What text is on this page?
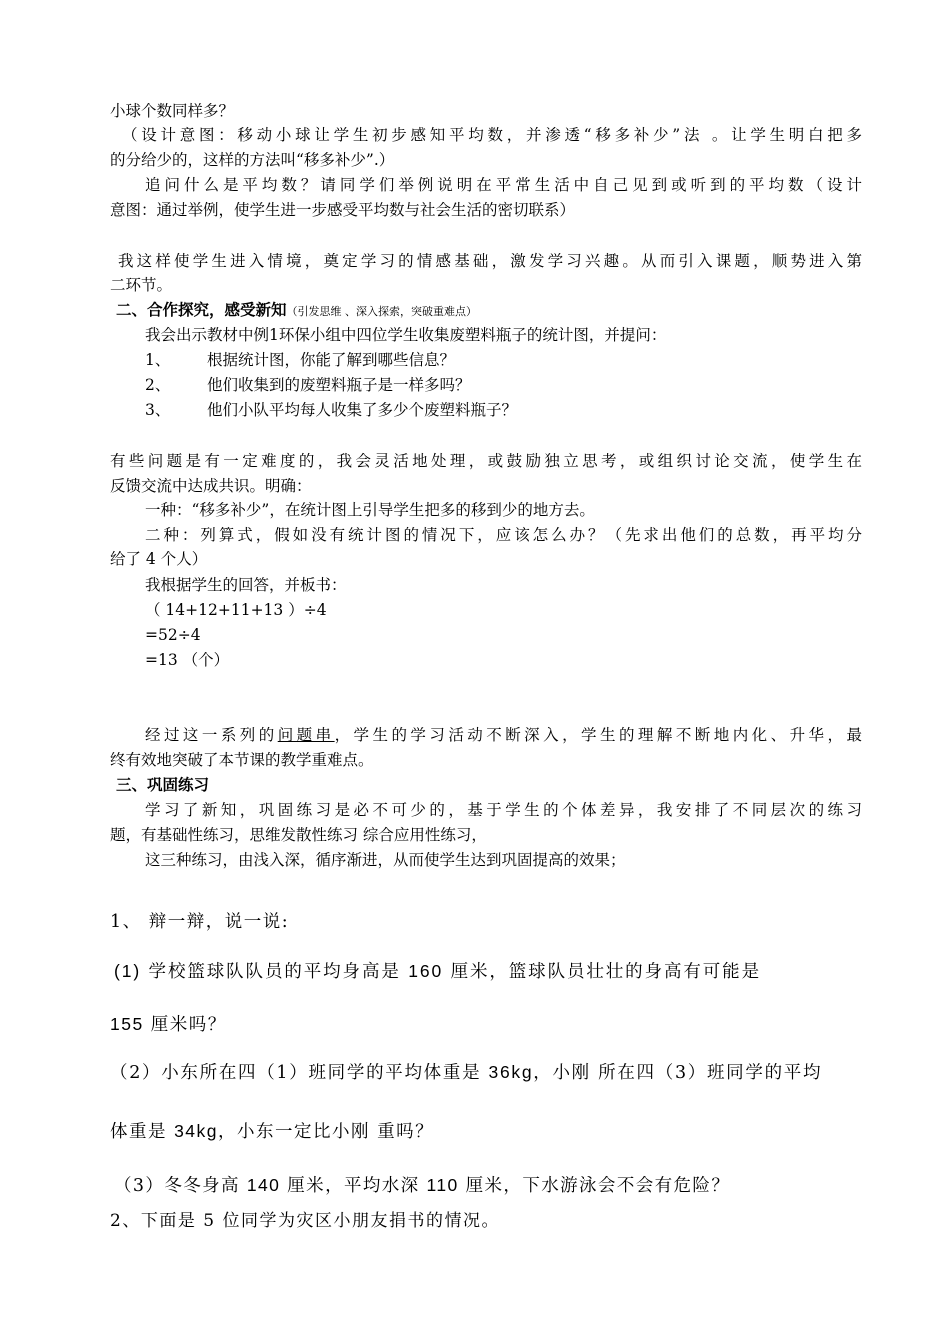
小球个数同样多？
（设计意图：移动小球让学生初步感知平均数，并渗透“移多补少”法 。让学生明白把多
的分给少的，这样的方法叫“移多补少”.）
追问什么是平均数？请同学们举例说明在平常生活中自己见到或听到的平均数（设计
意图：通过举例，使学生进一步感受平均数与社会生活的密切联系）
我这样使学生进入情境，奠定学习的情感基础，激发学习兴趣。从而引入课题，顺势进入第
二环节。
二、合作探究，感受新知（引发思维 、深入探索，突破重难点）
我会出示教材中例1环保小组中四位学生收集废塑料瓶子的统计图，并提问：
1、 根据统计图，你能了解到哪些信息？
2、 他们收集到的废塑料瓶子是一样多吗？
3、 他们小队平均每人收集了多少个废塑料瓶子？
有些问题是有一定难度的，我会灵活地处理，或鼓励独立思考，或组织讨论交流，使学生在
反馈交流中达成共识。明确：
一种：“移多补少”，在统计图上引导学生把多的移到少的地方去。
二种：列算式，假如没有统计图的情况下，应该怎么办？（先求出他们的总数，再平均分
给了 4 个人）
我根据学生的回答，并板书：
（ 14+12+11+13 ）÷4
=52÷4
=13 （个）
经过这一系列的问题串，学生的学习活动不断深入，学生的理解不断地内化、升华，最
终有效地突破了本节课的教学重难点。
三、巩固练习
学习了新知，巩固练习是必不可少的，基于学生的个体差异，我安排了不同层次的练习
题，有基础性练习，思维发散性练习 综合应用性练习，
这三种练习，由浅入深，循序渐进，从而使学生达到巩固提高的效果；
1、 辩一辩，说一说:
(1) 学校篮球队队员的平均身高是 160 厘米，篮球队员壮壮的身高有可能是
155 厘米吗？
（2）小东所在四（1）班同学的平均体重是 36kg，小刚 所在四（3）班同学的平均
体重是 34kg，小东一定比小刚 重吗？
（3）冬冬身高 140 厘米，平均水深 110 厘米，下水游泳会不会有危险？
2、下面是 5 位同学为灾区小朋友捐书的情况。
